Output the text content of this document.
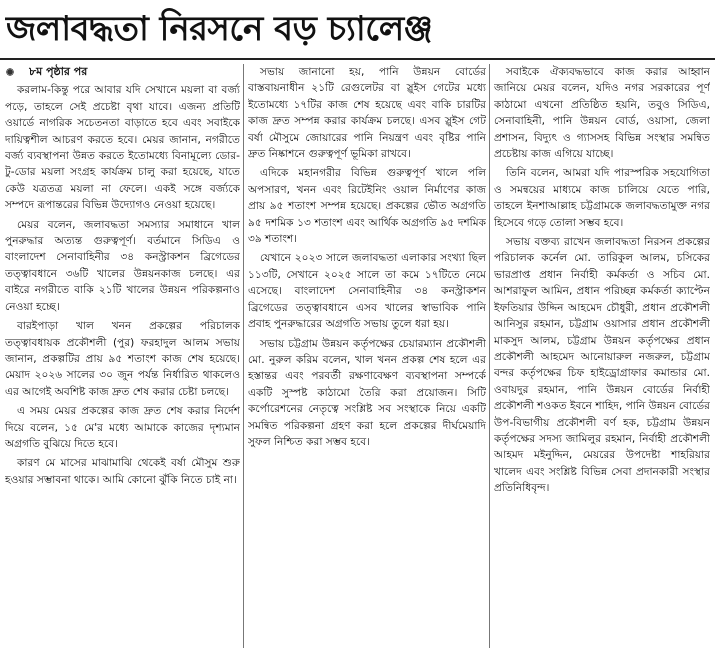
জলাবদ্ধতা নিরসনে বড় চ্যালেঞ্জ
৮ম পৃষ্ঠার পর

করলাম-কিন্তু পরে আবার যদি সেখানে ময়লা বা বর্জ্য পড়ে, তাহলে সেই প্রচেষ্টা বৃথা যাবে। এজন্য প্রতিটি ওয়ার্ডে নাগরিক সচেতনতা বাড়াতে হবে এবং সবাইকে দায়িত্বশীল আচরণ করতে হবে। মেয়র জানান, নগরীতে বর্জ্য ব্যবস্থাপনা উন্নত করতে ইতোমধ্যে বিনামূল্যে ডোর-টু-ডোর ময়লা সংগ্রহ কার্যক্রম চালু করা হয়েছে, যাতে কেউ যত্রতত্র ময়লা না ফেলে। একই সঙ্গে বর্জ্যকে সম্পদে রূপান্তরের বিভিন্ন উদ্যোগও নেওয়া হয়েছে।

মেয়র বলেন, জলাবদ্ধতা সমস্যার সমাধানে খাল পুনরুদ্ধার অত্যন্ত গুরুত্বপূর্ণ। বর্তমানে সিডিএ ও বাংলাদেশ সেনাবাহিনীর ৩৪ কনস্ট্রাকশন ব্রিগেডের তত্ত্বাবধানে ৩৬টি খালের উন্নয়নকাজ চলছে। এর বাইরে নগরীতে বাকি ২১টি খালের উন্নয়ন পরিকল্পনাও নেওয়া হচ্ছে।

বারইপাড়া খাল খনন প্রকল্পের পরিচালক তত্ত্বাবধায়ক প্রকৌশলী (পুর) ফরহাদুল আলম সভায় জানান, প্রকল্পটির প্রায় ৯৫ শতাংশ কাজ শেষ হয়েছে। মেয়াদ ২০২৬ সালের ৩০ জুন পর্যন্ত নির্ধারিত থাকলেও এর আগেই অবশিষ্ট কাজ দ্রুত শেষ করার চেষ্টা চলছে।

এ সময় মেয়র প্রকল্পের কাজ দ্রুত শেষ করার নির্দেশ দিয়ে বলেন, ১৫ মে'র মধ্যে আমাকে কাজের দৃশ্যমান অগ্রগতি বুঝিয়ে দিতে হবে।

কারণ মে মাসের মাঝামাঝি থেকেই বর্ষা মৌসুম শুরু হওয়ার সম্ভাবনা থাকে। আমি কোনো ঝুঁকি নিতে চাই না।

সভায় জানানো হয়, পানি উন্নয়ন বোর্ডের বাস্তবায়নাধীন ২১টি রেগুলেটর বা স্লুইস গেটের মধ্যে ইতোমধ্যে ১৭টির কাজ শেষ হয়েছে এবং বাকি চারটির কাজ দ্রুত সম্পন্ন করার কার্যক্রম চলছে। এসব স্লুইস গেট বর্ষা মৌসুমে জোয়ারের পানি নিয়ন্ত্রণ এবং বৃষ্টির পানি দ্রুত নিষ্কাশনে গুরুত্বপূর্ণ ভূমিকা রাখবে।

এদিকে মহানগরীর বিভিন্ন গুরুত্বপূর্ণ খালে পলি অপসারণ, খনন এবং রিটেইনিং ওয়াল নির্মাণের কাজ প্রায় ৯৫ শতাংশ সম্পন্ন হয়েছে। প্রকল্পের ভৌত অগ্রগতি ৯৫ দশমিক ১৩ শতাংশ এবং আর্থিক অগ্রগতি ৯৫ দশমিক ৩৯ শতাংশ।

যেখানে ২০২৩ সালে জলাবদ্ধতা এলাকার সংখ্যা ছিল ১১৩টি, সেখানে ২০২৫ সালে তা কমে ১৭টিতে নেমে এসেছে। বাংলাদেশ সেনাবাহিনীর ৩৪ কনস্ট্রাকশন ব্রিগেডের তত্ত্বাবধানে এসব খালের স্বাভাবিক পানি প্রবাহ পুনরুদ্ধারের অগ্রগতি সভায় তুলে ধরা হয়।

সভায় চট্টগ্রাম উন্নয়ন কর্তৃপক্ষের চেয়ারম্যান প্রকৌশলী মো. নুরুল করিম বলেন, খাল খনন প্রকল্প শেষ হলে এর হস্তান্তর এবং পরবর্তী রক্ষণাবেক্ষণ ব্যবস্থাপনা সম্পর্কে একটি সুস্পষ্ট কাঠামো তৈরি করা প্রয়োজন। সিটি কর্পোরেশনের নেতৃত্বে সংশ্লিষ্ট সব সংস্থাকে নিয়ে একটি সমন্বিত পরিকল্পনা গ্রহণ করা হলে প্রকল্পের দীর্ঘমেয়াদি সুফল নিশ্চিত করা সম্ভব হবে।

সবাইকে ঐক্যবদ্ধভাবে কাজ করার আহ্বান জানিয়ে মেয়র বলেন, যদিও নগর সরকারের পূর্ণ কাঠামো এখনো প্রতিষ্ঠিত হয়নি, তবুও সিডিএ, সেনাবাহিনী, পানি উন্নয়ন বোর্ড, ওয়াসা, জেলা প্রশাসন, বিদ্যুৎ ও গ্যাসসহ বিভিন্ন সংস্থার সমন্বিত প্রচেষ্টায় কাজ এগিয়ে যাচ্ছে।

তিনি বলেন, আমরা যদি পারস্পরিক সহযোগিতা ও সমন্বয়ের মাধ্যমে কাজ চালিয়ে যেতে পারি, তাহলে ইনশাআল্লাহ চট্টগ্রামকে জলাবদ্ধতামুক্ত নগর হিসেবে গড়ে তোলা সম্ভব হবে।

সভায় বক্তব্য রাখেন জলাবদ্ধতা নিরসন প্রকল্পের পরিচালক কর্নেল মো. তারিকুল আলম, চসিকের ভারপ্রাপ্ত প্রধান নির্বাহী কর্মকর্তা ও সচিব মো. আশরাফুল আমিন, প্রধান পরিচ্ছন্ন কর্মকর্তা ক্যাপ্টেন ইফতিয়ার উদ্দিন আহমেদ চৌধুরী, প্রধান প্রকৌশলী আনিসুর রহমান, চট্টগ্রাম ওয়াসার প্রধান প্রকৌশলী মাকসুদ আলম, চট্টগ্রাম উন্নয়ন কর্তৃপক্ষের প্রধান প্রকৌশলী আহমেদ আনোয়ারুল নজরুল, চট্টগ্রাম বন্দর কর্তৃপক্ষের চিফ হাইড্রোগ্রাফার কমান্ডার মো. ওবায়দুর রহমান, পানি উন্নয়ন বোর্ডের নির্বাহী প্রকৌশলী শওকত ইবনে শাহিদ, পানি উন্নয়ন বোর্ডের উপ-বিভাগীয় প্রকৌশলী বর্ণ হক, চট্টগ্রাম উন্নয়ন কর্তৃপক্ষের সদস্য জামিলুর রহমান, নির্বাহী প্রকৌশলী আহমদ মইনুদ্দিন, মেয়রের উপদেষ্টা শাহরিয়ার খালেদ এবং সংশ্লিষ্ট বিভিন্ন সেবা প্রদানকারী সংস্থার প্রতিনিধিবৃন্দ।
